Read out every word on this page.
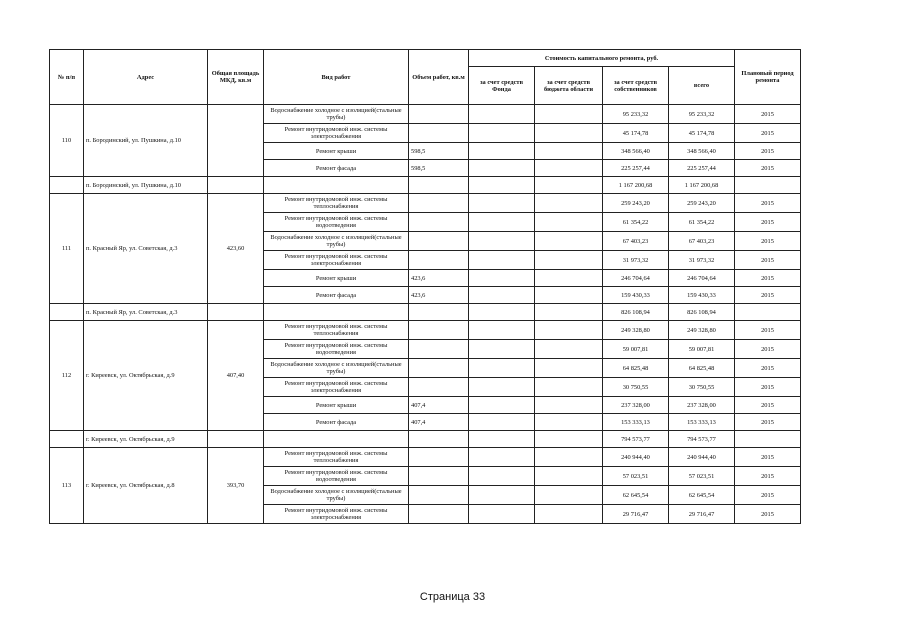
№ п/п	Адрес	Общая площадь МКД, кв.м	Вид работ	Объем работ, кв.м	Стоимость капитального ремонта, руб.				Плановый период ремонта
					за счет средств Фонда	за счет средств бюджета области	за счет средств собственников	всего	
110	п. Бородинский, ул. Пушкина, д.10		Водоснабжение холодное с изоляцией(стальные трубы)				95 233,32	95 233,32	2015
			Ремонт внутридомовой инж. системы электроснабжения				45 174,78	45 174,78	2015
			Ремонт крыши	598,5			348 566,40	348 566,40	2015
			Ремонт фасада	598,5			225 257,44	225 257,44	2015
	п. Бородинский, ул. Пушкина, д.10						1 167 200,68	1 167 200,68	
111	п. Красный Яр, ул. Советская, д.3	423,60	Ремонт внутридомовой инж. системы теплоснабжения				259 243,20	259 243,20	2015
			Ремонт внутридомовой инж. системы водоотведения				61 354,22	61 354,22	2015
			Водоснабжение холодное с изоляцией(стальные трубы)				67 403,23	67 403,23	2015
			Ремонт внутридомовой инж. системы электроснабжения				31 973,32	31 973,32	2015
			Ремонт крыши	423,6			246 704,64	246 704,64	2015
			Ремонт фасада	423,6			159 430,33	159 430,33	2015
	п. Красный Яр, ул. Советская, д.3						826 108,94	826 108,94	
112	г. Киреевск, ул. Октябрьская, д.9	407,40	Ремонт внутридомовой инж. системы теплоснабжения				249 328,80	249 328,80	2015
			Ремонт внутридомовой инж. системы водоотведения				59 007,81	59 007,81	2015
			Водоснабжение холодное с изоляцией(стальные трубы)				64 825,48	64 825,48	2015
			Ремонт внутридомовой инж. системы электроснабжения				30 750,55	30 750,55	2015
			Ремонт крыши	407,4			237 328,00	237 328,00	2015
			Ремонт фасада	407,4			153 333,13	153 333,13	2015
	г. Киреевск, ул. Октябрьская, д.9						794 573,77	794 573,77	
113	г. Киреевск, ул. Октябрьская, д.8	393,70	Ремонт внутридомовой инж. системы теплоснабжения				240 944,40	240 944,40	2015
			Ремонт внутридомовой инж. системы водоотведения				57 023,51	57 023,51	2015
			Водоснабжение холодное с изоляцией(стальные трубы)				62 645,54	62 645,54	2015
			Ремонт внутридомовой инж. системы электроснабжения				29 716,47	29 716,47	2015
Страница 33
